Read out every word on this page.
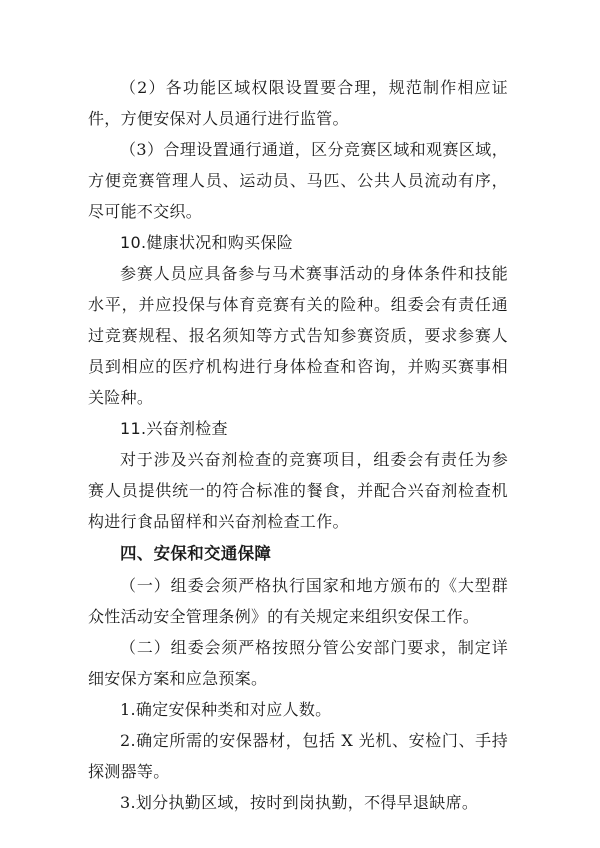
（2）各功能区域权限设置要合理，规范制作相应证件，方便安保对人员通行进行监管。

（3）合理设置通行通道，区分竞赛区域和观赛区域，方便竞赛管理人员、运动员、马匹、公共人员流动有序，尽可能不交织。

10.健康状况和购买保险

参赛人员应具备参与马术赛事活动的身体条件和技能水平，并应投保与体育竞赛有关的险种。组委会有责任通过竞赛规程、报名须知等方式告知参赛资质，要求参赛人员到相应的医疗机构进行身体检查和咨询，并购买赛事相关险种。

11.兴奋剂检查

对于涉及兴奋剂检查的竞赛项目，组委会有责任为参赛人员提供统一的符合标准的餐食，并配合兴奋剂检查机构进行食品留样和兴奋剂检查工作。

四、安保和交通保障

（一）组委会须严格执行国家和地方颁布的《大型群众性活动安全管理条例》的有关规定来组织安保工作。

（二）组委会须严格按照分管公安部门要求，制定详细安保方案和应急预案。

1.确定安保种类和对应人数。

2.确定所需的安保器材，包括 X 光机、安检门、手持探测器等。

3.划分执勤区域，按时到岗执勤，不得早退缺席。
